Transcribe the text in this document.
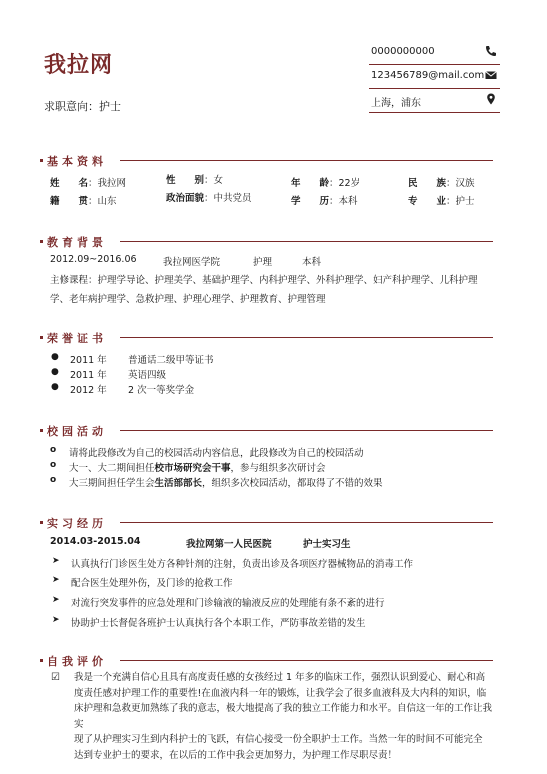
我拉网
求职意向：护士
0000000000
123456789@mail.com
上海，浦东
基本资料
姓　　名：我拉网	性　　别：女	年　　龄：22岁	民　　族：汉族
籍　　贯：山东	政治面貌：中共党员	学　　历：本科	专　　业：护士
教育背景
2012.09~2016.06	我拉网医学院	护理	本科
主修课程：护理学导论、护理美学、基础护理学、内科护理学、外科护理学、妇产科护理学、儿科护理
学、老年病护理学、急救护理、护理心理学、护理教育、护理管理
荣誉证书
● 2011 年 普通话二级甲等证书
● 2011 年 英语四级
● 2012 年 2 次一等奖学金
校园活动
o 请将此段修改为自己的校园活动内容信息，此段修改为自己的校园活动
o 大一、大二期间担任校市场研究会干事，参与组织多次研讨会
o 大三期间担任学生会生活部部长，组织多次校园活动，都取得了不错的效果
实习经历
2014.03-2015.04	我拉网第一人民医院	护士实习生
➤ 认真执行门诊医生处方各种针剂的注射，负责出诊及各项医疗器械物品的消毒工作
➤ 配合医生处理外伤，及门诊的抢救工作
➤ 对流行突发事件的应急处理和门诊输液的输液反应的处理能有条不紊的进行
➤ 协助护士长督促各班护士认真执行各个本职工作，严防事故差错的发生
自我评价
☑ 我是一个充满自信心且具有高度责任感的女孩经过 1 年多的临床工作，强烈认识到爱心、耐心和高
度责任感对护理工作的重要性!在血液内科一年的锻炼，让我学会了很多血液科及大内科的知识，临
床护理和急救更加熟练了我的意志，极大地提高了我的独立工作能力和水平。自信这一年的工作让我实
现了从护理实习生到内科护士的飞跃，有信心接受一份全职护士工作。当然一年的时间不可能完全
达到专业护士的要求，在以后的工作中我会更加努力，为护理工作尽职尽责！
